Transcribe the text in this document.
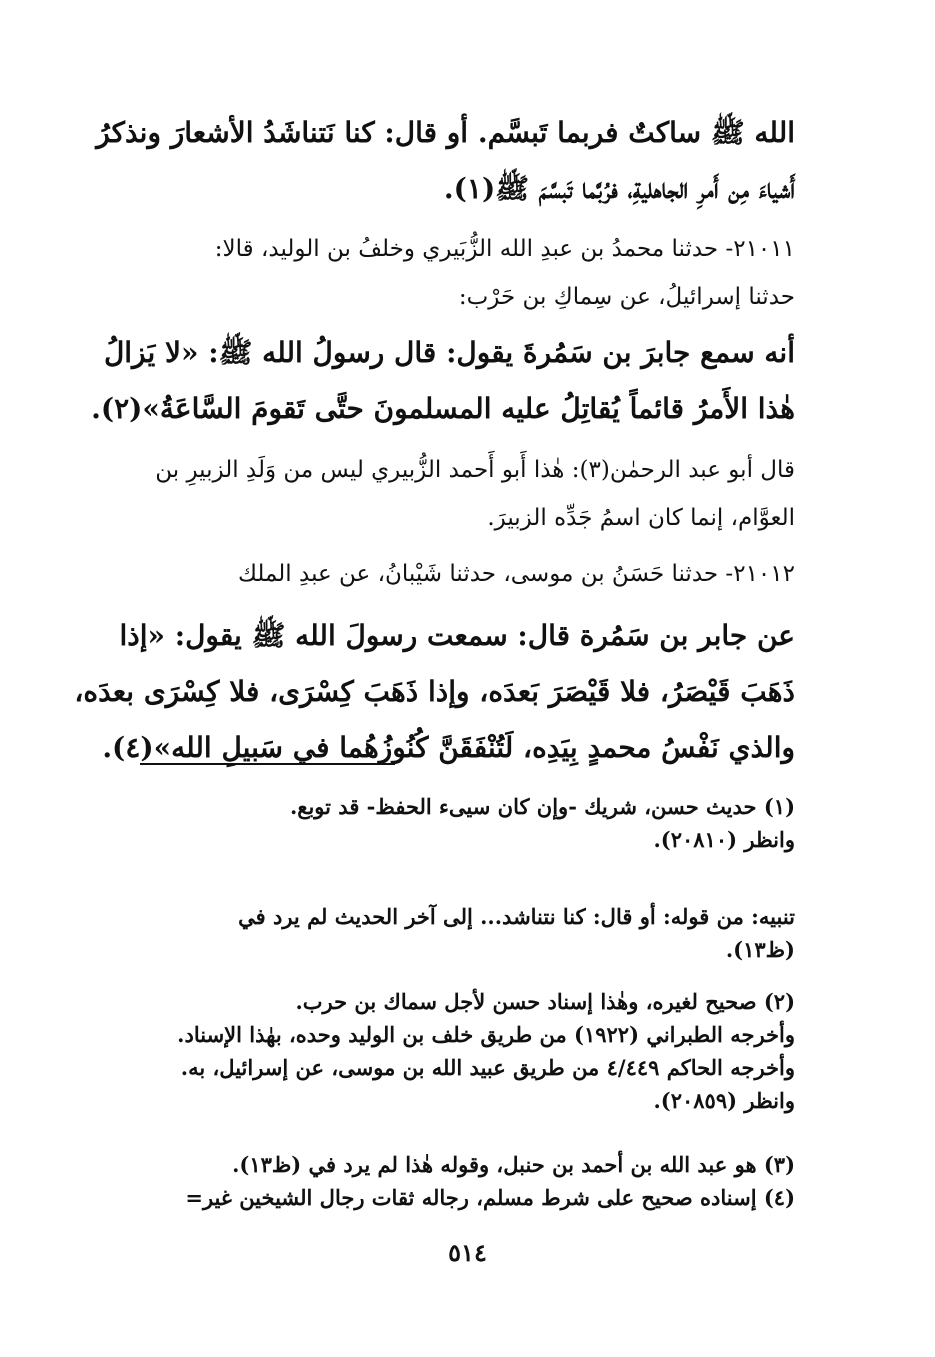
الله ﷺ ساكتٌ فربما تَبسَّم. أو قال: كنا نَتناشَدُ الأشعارَ ونذكرُ
أَشياءَ مِن أَمرِ الجاهليةِ، فرُبَّما تَبسَّمَ ﷺ(١).
٢١٠١١- حدثنا محمدُ بن عبدِ الله الزُّبَيري وخلفُ بن الوليد، قالا:
حدثنا إسرائيلُ، عن سِماكِ بن حَرْب:
أنه سمع جابرَ بن سَمُرةَ يقول: قال رسولُ الله ﷺ: «لا يَزالُ
هٰذا الأَمرُ قائماً يُقاتِلُ عليه المسلمونَ حتَّى تَقومَ السَّاعَةُ»(٢).
قال أبو عبد الرحمٰن(٣): هٰذا أَبو أَحمد الزُّبيري ليس من وَلَدِ الزبيرِ بن
العوَّام، إنما كان اسمُ جَدِّه الزبيرَ.
٢١٠١٢- حدثنا حَسَنُ بن موسى، حدثنا شَيْبانُ، عن عبدِ الملك
عن جابر بن سَمُرة قال: سمعت رسولَ الله ﷺ يقول: «إذا
ذَهَبَ قَيْصَرُ، فلا قَيْصَرَ بَعدَه، وإذا ذَهَبَ كِسْرَى، فلا كِسْرَى بعدَه،
والذي نَفْسُ محمدٍ بِيَدِه، لَتُنْفَقَنَّ كُنُوزُهُما في سَبيلِ الله»(٤).
(١) حديث حسن، شريك -وإن كان سيىء الحفظ- قد توبع.
وانظر (٢٠٨١٠).
تنبيه: من قوله: أو قال: كنا نتناشد... إلى آخر الحديث لم يرد في
(ظ١٣).
(٢) صحيح لغيره، وهٰذا إسناد حسن لأجل سماك بن حرب.
وأخرجه الطبراني (١٩٢٢) من طريق خلف بن الوليد وحده، بهٰذا الإسناد.
وأخرجه الحاكم ٤/٤٤٩ من طريق عبيد الله بن موسى، عن إسرائيل، به.
وانظر (٢٠٨٥٩).
(٣) هو عبد الله بن أحمد بن حنبل، وقوله هٰذا لم يرد في (ظ١٣).
(٤) إسناده صحيح على شرط مسلم، رجاله ثقات رجال الشيخين غير=
٥١٤
